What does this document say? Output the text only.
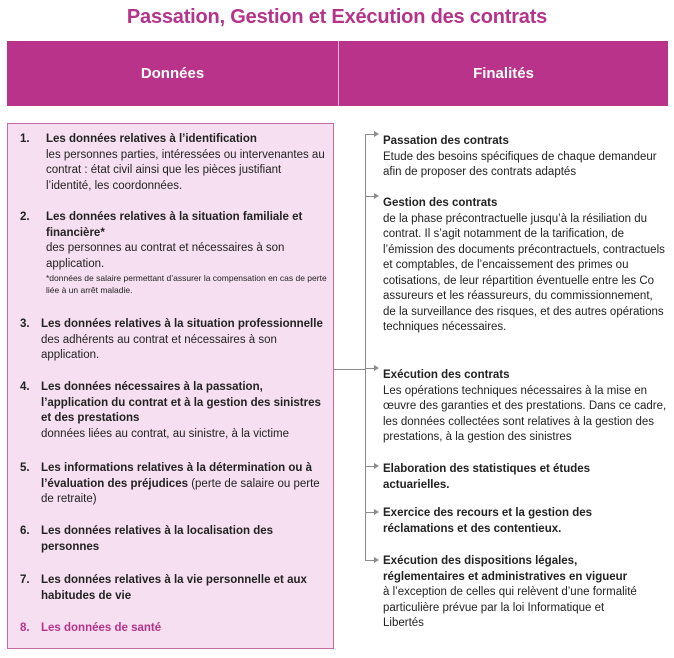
Passation, Gestion et Exécution des contrats
Données	Finalités
1. Les données relatives à l’identification
les personnes parties, intéressées ou intervenantes au contrat : état civil ainsi que les pièces justifiant l’identité, les coordonnées.
2. Les données relatives à la situation familiale et financière*
des personnes au contrat et nécessaires à son application.
*données de salaire permettant d’assurer la compensation en cas de perte liée à un arrêt maladie.
3. Les données relatives à la situation professionnelle
des adhérents au contrat et nécessaires à son application.
4. Les données nécessaires à la passation, l’application du contrat et à la gestion des sinistres et des prestations
données liées au contrat, au sinistre, à la victime
5. Les informations relatives à la détermination ou à l’évaluation des préjudices (perte de salaire ou perte de retraite)
6. Les données relatives à la localisation des personnes
7. Les données relatives à la vie personnelle et aux habitudes de vie
8. Les données de santé
Passation des contrats
Etude des besoins spécifiques de chaque demandeur afin de proposer des contrats adaptés
Gestion des contrats
de la phase précontractuelle jusqu’à la résiliation du contrat. Il s’agit notamment de la tarification, de l’émission des documents précontractuels, contractuels et comptables, de l’encaissement des primes ou cotisations, de leur répartition éventuelle entre les Co assureurs et les réassureurs, du commissionnement, de la surveillance des risques, et des autres opérations techniques nécessaires.
Exécution des contrats
Les opérations techniques nécessaires à la mise en œuvre des garanties et des prestations. Dans ce cadre, les données collectées sont relatives à la gestion des prestations, à la gestion des sinistres
Elaboration des statistiques et études actuarielles.
Exercice des recours et la gestion des réclamations et des contentieux.
Exécution des dispositions légales, réglementaires et administratives en vigueur
à l’exception de celles qui relèvent d’une formalité particulière prévue par la loi Informatique et Libertés
